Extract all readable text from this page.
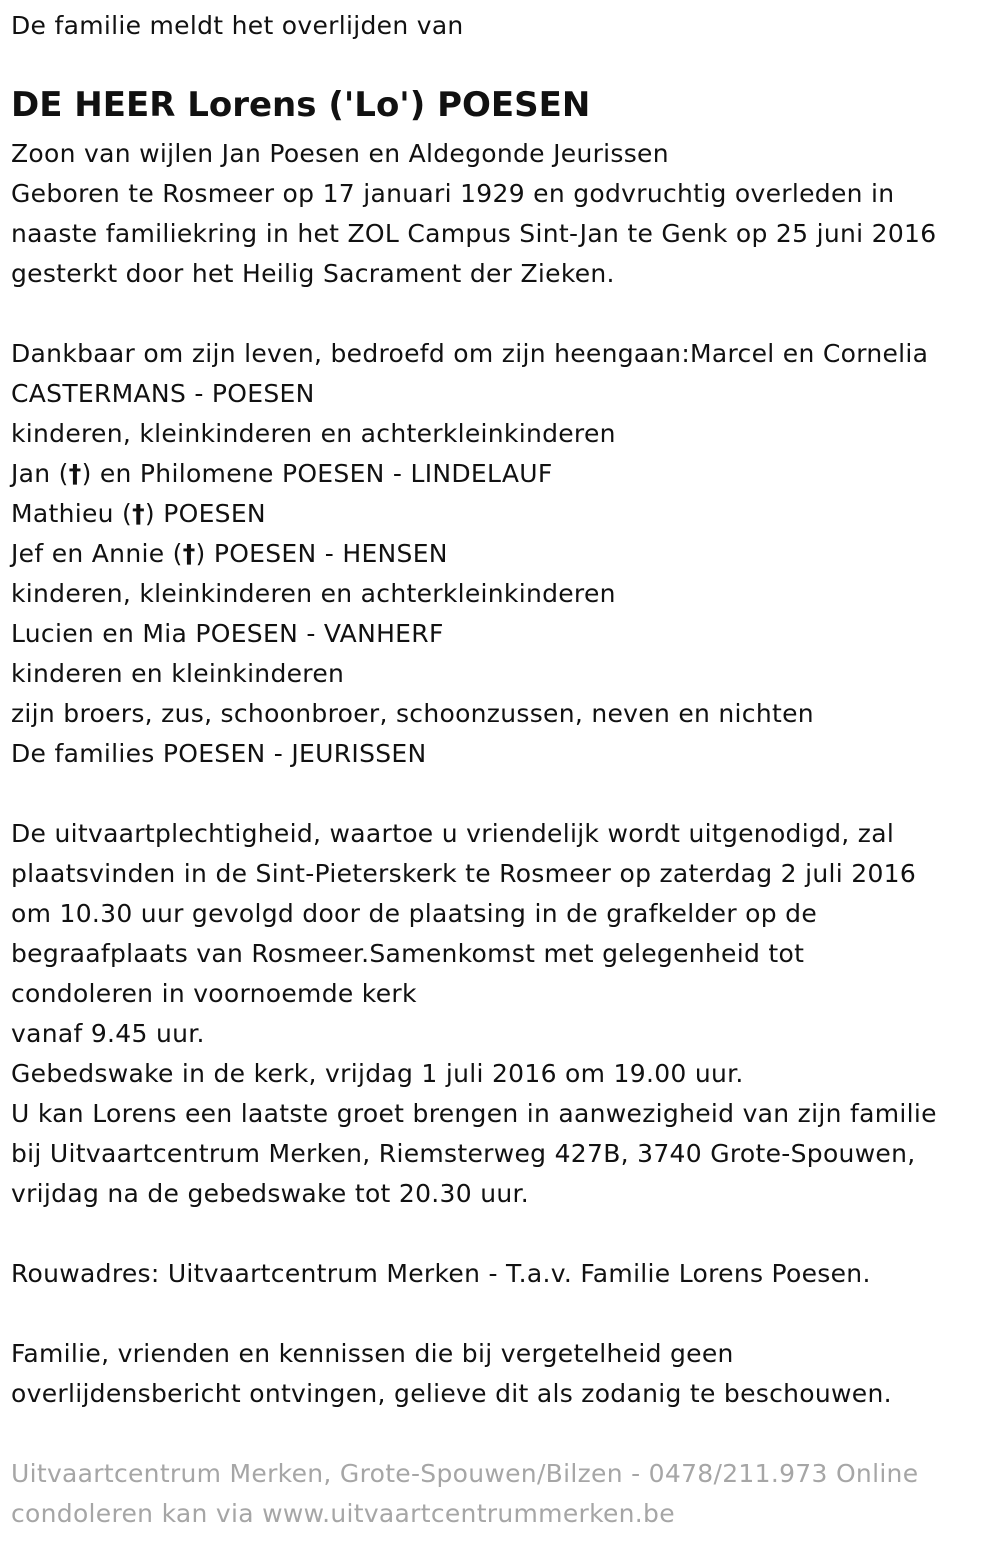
De familie meldt het overlijden van
DE HEER Lorens ('Lo') POESEN
Zoon van wijlen Jan Poesen en Aldegonde Jeurissen
Geboren te Rosmeer op 17 januari 1929 en godvruchtig overleden in
naaste familiekring in het ZOL Campus Sint-Jan te Genk op 25 juni 2016
gesterkt door het Heilig Sacrament der Zieken.
Dankbaar om zijn leven, bedroefd om zijn heengaan:Marcel en Cornelia
CASTERMANS - POESEN
kinderen, kleinkinderen en achterkleinkinderen
Jan (†) en Philomene POESEN - LINDELAUF
Mathieu (†) POESEN
Jef en Annie (†) POESEN - HENSEN
kinderen, kleinkinderen en achterkleinkinderen
Lucien en Mia POESEN - VANHERF
kinderen en kleinkinderen
zijn broers, zus, schoonbroer, schoonzussen, neven en nichten
De families POESEN - JEURISSEN
De uitvaartplechtigheid, waartoe u vriendelijk wordt uitgenodigd, zal
plaatsvinden in de Sint-Pieterskerk te Rosmeer op zaterdag 2 juli 2016
om 10.30 uur gevolgd door de plaatsing in de grafkelder op de
begraafplaats van Rosmeer.Samenkomst met gelegenheid tot
condoleren in voornoemde kerk
vanaf 9.45 uur.
Gebedswake in de kerk, vrijdag 1 juli 2016 om 19.00 uur.
U kan Lorens een laatste groet brengen in aanwezigheid van zijn familie
bij Uitvaartcentrum Merken, Riemsterweg 427B, 3740 Grote-Spouwen,
vrijdag na de gebedswake tot 20.30 uur.
Rouwadres: Uitvaartcentrum Merken - T.a.v. Familie Lorens Poesen.
Familie, vrienden en kennissen die bij vergetelheid geen
overlijdensbericht ontvingen, gelieve dit als zodanig te beschouwen.
Uitvaartcentrum Merken, Grote-Spouwen/Bilzen - 0478/211.973 Online
condoleren kan via www.uitvaartcentrummerken.be
